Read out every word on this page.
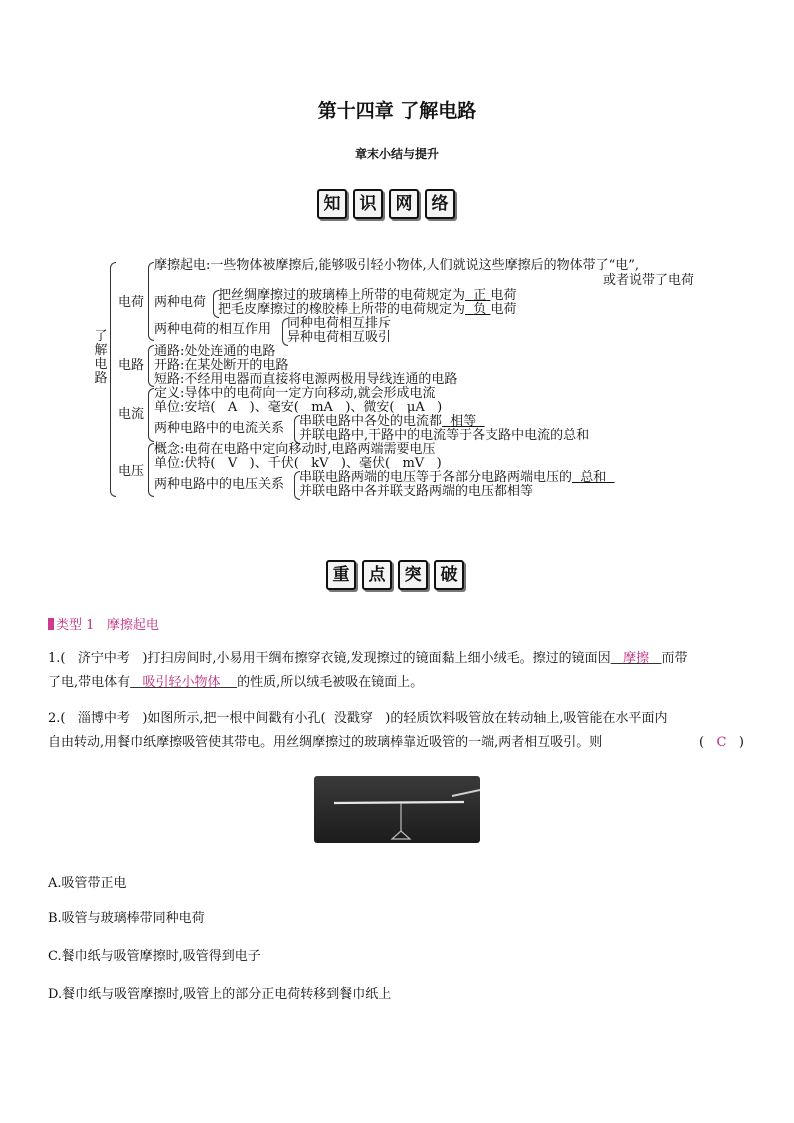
第十四章 了解电路
章末小结与提升
知	识	网	络
了解电路
电荷
摩擦起电:一些物体被摩擦后,能够吸引轻小物体,人们就说这些摩擦后的物体带了“电”,
或者说带了电荷
两种电荷 把丝绸摩擦过的玻璃棒上所带的电荷规定为 正 电荷
把毛皮摩擦过的橡胶棒上所带的电荷规定为 负 电荷
两种电荷的相互作用 同种电荷相互排斥
异种电荷相互吸引
电路
通路:处处连通的电路
开路:在某处断开的电路
短路:不经用电器而直接将电源两极用导线连通的电路
电流
定义:导体中的电荷向一定方向移动,就会形成电流
单位:安培( A )、毫安( mA )、微安( μA )
两种电路中的电流关系 串联电路中各处的电流都 相等
并联电路中,干路中的电流等于各支路中电流的总和
电压
概念:电荷在电路中定向移动时,电路两端需要电压
单位:伏特( V )、千伏( kV )、毫伏( mV )
两种电路中的电压关系 串联电路两端的电压等于各部分电路两端电压的 总和
并联电路中各并联支路两端的电压都相等
重	点	突	破
类型 1 摩擦起电
1.( 济宁中考 )打扫房间时,小易用干绸布擦穿衣镜,发现擦过的镜面黏上细小绒毛。擦过的镜面因 摩擦 而带
了电,带电体有 吸引轻小物体 的性质,所以绒毛被吸在镜面上。
2.( 淄博中考 )如图所示,把一根中间戳有小孔( 没戳穿 )的轻质饮料吸管放在转动轴上,吸管能在水平面内
自由转动,用餐巾纸摩擦吸管使其带电。用丝绸摩擦过的玻璃棒靠近吸管的一端,两者相互吸引。则	( C )
A.吸管带正电
B.吸管与玻璃棒带同种电荷
C.餐巾纸与吸管摩擦时,吸管得到电子
D.餐巾纸与吸管摩擦时,吸管上的部分正电荷转移到餐巾纸上
